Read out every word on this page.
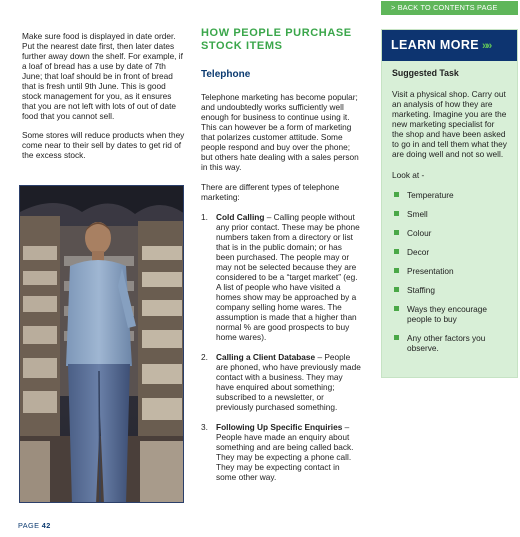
Make sure food is displayed in date order. Put the nearest date first, then later dates further away down the shelf. For example, if a loaf of bread has a use by date of 7th June; that loaf should be in front of bread that is fresh until 9th June. This is good stock management for you, as it ensures that you are not left with lots of out of date food that you cannot sell.

Some stores will reduce products when they come near to their sell by dates to get rid of the excess stock.

HOW PEOPLE PURCHASE STOCK ITEMS
Telephone

Telephone marketing has become popular; and undoubtedly works sufficiently well enough for business to continue using it. This can however be a form of marketing that polarizes customer attitude. Some people respond and buy over the phone; but others hate dealing with a sales person in this way.

There are different types of telephone marketing:

1. Cold Calling – Calling people without any prior contact. These may be phone numbers taken from a directory or list that is in the public domain; or has been purchased. The people may or may not be selected because they are considered to be a “target market” (eg. A list of people who have visited a homes show may be approached by a company selling home wares. The assumption is made that a higher than normal % are good prospects to buy home wares).
2. Calling a Client Database – People are phoned, who have previously made contact with a business. They may have enquired about something; subscribed to a newsletter, or previously purchased something.
3. Following Up Specific Enquiries – People have made an enquiry about something and are being called back. They may be expecting a phone call. They may be expecting contact in some other way.
> BACK TO CONTENTS PAGE
LEARN MORE »»
Suggested Task

Visit a physical shop. Carry out an analysis of how they are marketing. Imagine you are the new marketing specialist for the shop and have been asked to go in and tell them what they are doing well and not so well.

Look at -
Temperature
Smell
Colour
Decor
Presentation
Staffing
Ways they encourage people to buy
Any other factors you observe.
PAGE 42
